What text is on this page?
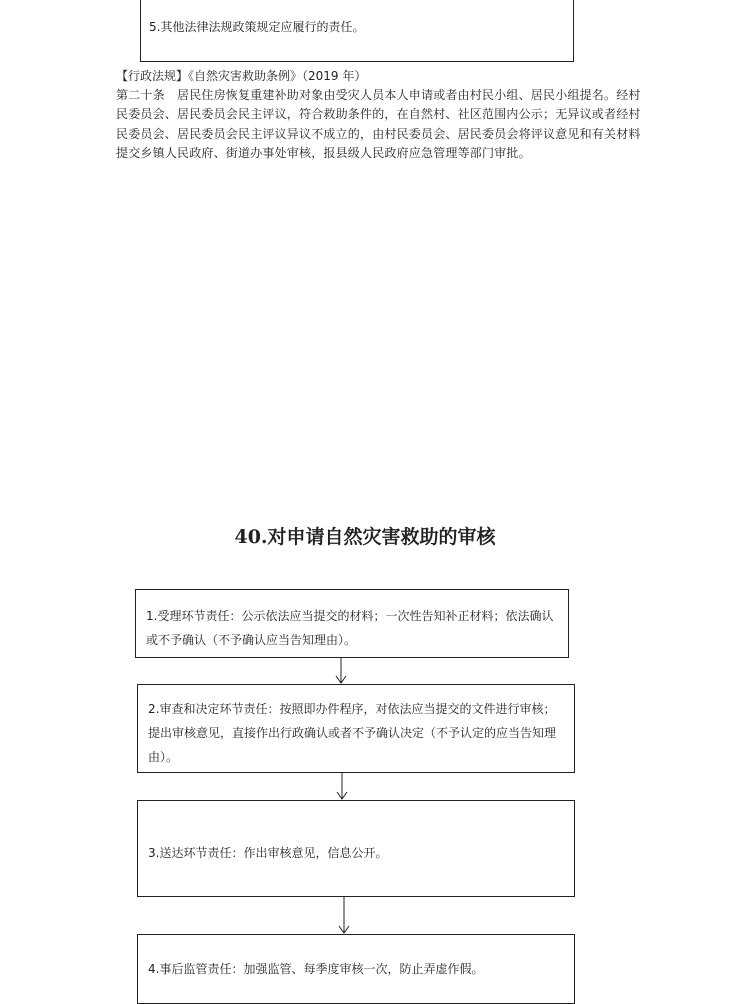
5.其他法律法规政策规定应履行的责任。
【行政法规】《自然灾害救助条例》（2019 年）
第二十条　居民住房恢复重建补助对象由受灾人员本人申请或者由村民小组、居民小组提名。经村民委员会、居民委员会民主评议，符合救助条件的，在自然村、社区范围内公示；无异议或者经村民委员会、居民委员会民主评议异议不成立的，由村民委员会、居民委员会将评议意见和有关材料提交乡镇人民政府、街道办事处审核，报县级人民政府应急管理等部门审批。
40.对申请自然灾害救助的审核
1.受理环节责任：公示依法应当提交的材料；一次性告知补正材料；依法确认或不予确认（不予确认应当告知理由）。
2.审查和决定环节责任：按照即办件程序，对依法应当提交的文件进行审核；提出审核意见，直接作出行政确认或者不予确认决定（不予认定的应当告知理由）。
3.送达环节责任：作出审核意见，信息公开。
4.事后监管责任：加强监管、每季度审核一次，防止弄虚作假。
